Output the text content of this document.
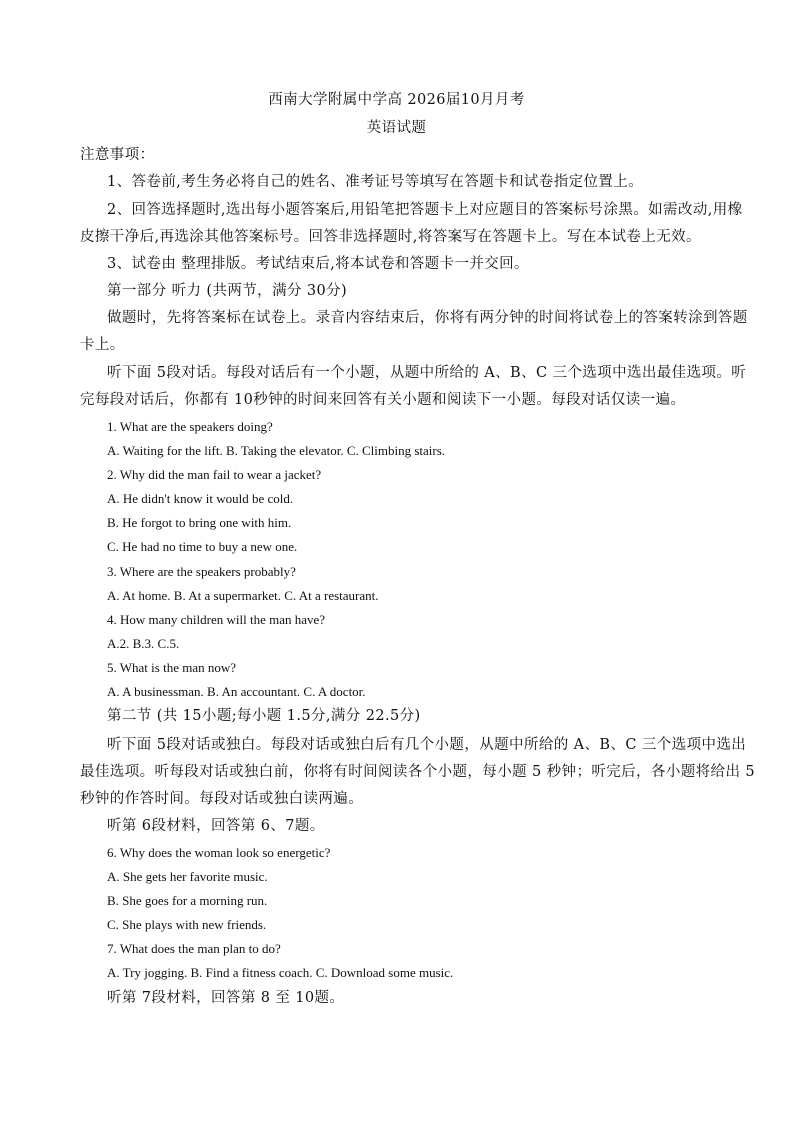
西南大学附属中学高 2026届10月月考
英语试题
注意事项：
1、答卷前,考生务必将自己的姓名、准考证号等填写在答题卡和试卷指定位置上。
2、回答选择题时,选出每小题答案后,用铅笔把答题卡上对应题目的答案标号涂黑。如需改动,用橡
皮擦干净后,再选涂其他答案标号。回答非选择题时,将答案写在答题卡上。写在本试卷上无效。
3、试卷由 整理排版。考试结束后,将本试卷和答题卡一并交回。
第一部分 听力 (共两节，满分 30分)
做题时，先将答案标在试卷上。录音内容结束后，你将有两分钟的时间将试卷上的答案转涂到答题
卡上。
听下面 5段对话。每段对话后有一个小题，从题中所给的 A、B、C 三个选项中选出最佳选项。听
完每段对话后，你都有 10秒钟的时间来回答有关小题和阅读下一小题。每段对话仅读一遍。
1. What are the speakers doing?
A. Waiting for the lift. B. Taking the elevator. C. Climbing stairs.
2. Why did the man fail to wear a jacket?
A. He didn't know it would be cold.
B. He forgot to bring one with him.
C. He had no time to buy a new one.
3. Where are the speakers probably?
A. At home. B. At a supermarket. C. At a restaurant.
4. How many children will the man have?
A.2. B.3. C.5.
5. What is the man now?
A. A businessman. B. An accountant. C. A doctor.
第二节 (共 15小题;每小题 1.5分,满分 22.5分)
听下面 5段对话或独白。每段对话或独白后有几个小题，从题中所给的 A、B、C 三个选项中选出
最佳选项。听每段对话或独白前，你将有时间阅读各个小题，每小题 5 秒钟；听完后，各小题将给出 5
秒钟的作答时间。每段对话或独白读两遍。
听第 6段材料，回答第 6、7题。
6. Why does the woman look so energetic?
A. She gets her favorite music.
B. She goes for a morning run.
C. She plays with new friends.
7. What does the man plan to do?
A. Try jogging. B. Find a fitness coach. C. Download some music.
听第 7段材料，回答第 8 至 10题。
